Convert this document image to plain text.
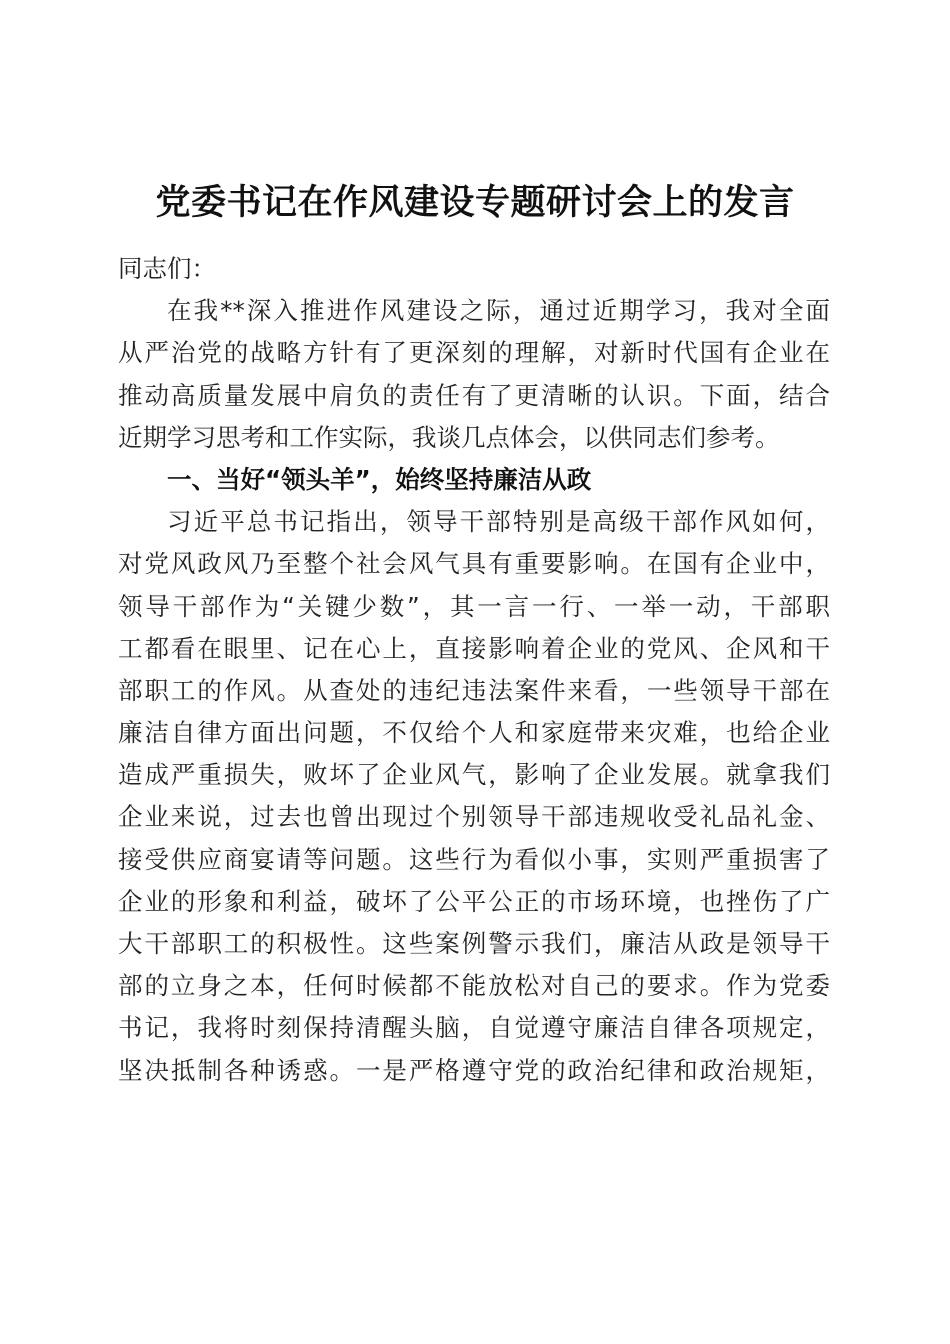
党委书记在作风建设专题研讨会上的发言
同志们：
在我**深入推进作风建设之际，通过近期学习，我对全面
从严治党的战略方针有了更深刻的理解，对新时代国有企业在
推动高质量发展中肩负的责任有了更清晰的认识。下面，结合
近期学习思考和工作实际，我谈几点体会，以供同志们参考。
一、当好“领头羊”，始终坚持廉洁从政
习近平总书记指出，领导干部特别是高级干部作风如何，
对党风政风乃至整个社会风气具有重要影响。在国有企业中，
领导干部作为“关键少数”，其一言一行、一举一动，干部职
工都看在眼里、记在心上，直接影响着企业的党风、企风和干
部职工的作风。从查处的违纪违法案件来看，一些领导干部在
廉洁自律方面出问题，不仅给个人和家庭带来灾难，也给企业
造成严重损失，败坏了企业风气，影响了企业发展。就拿我们
企业来说，过去也曾出现过个别领导干部违规收受礼品礼金、
接受供应商宴请等问题。这些行为看似小事，实则严重损害了
企业的形象和利益，破坏了公平公正的市场环境，也挫伤了广
大干部职工的积极性。这些案例警示我们，廉洁从政是领导干
部的立身之本，任何时候都不能放松对自己的要求。作为党委
书记，我将时刻保持清醒头脑，自觉遵守廉洁自律各项规定，
坚决抵制各种诱惑。一是严格遵守党的政治纪律和政治规矩，
